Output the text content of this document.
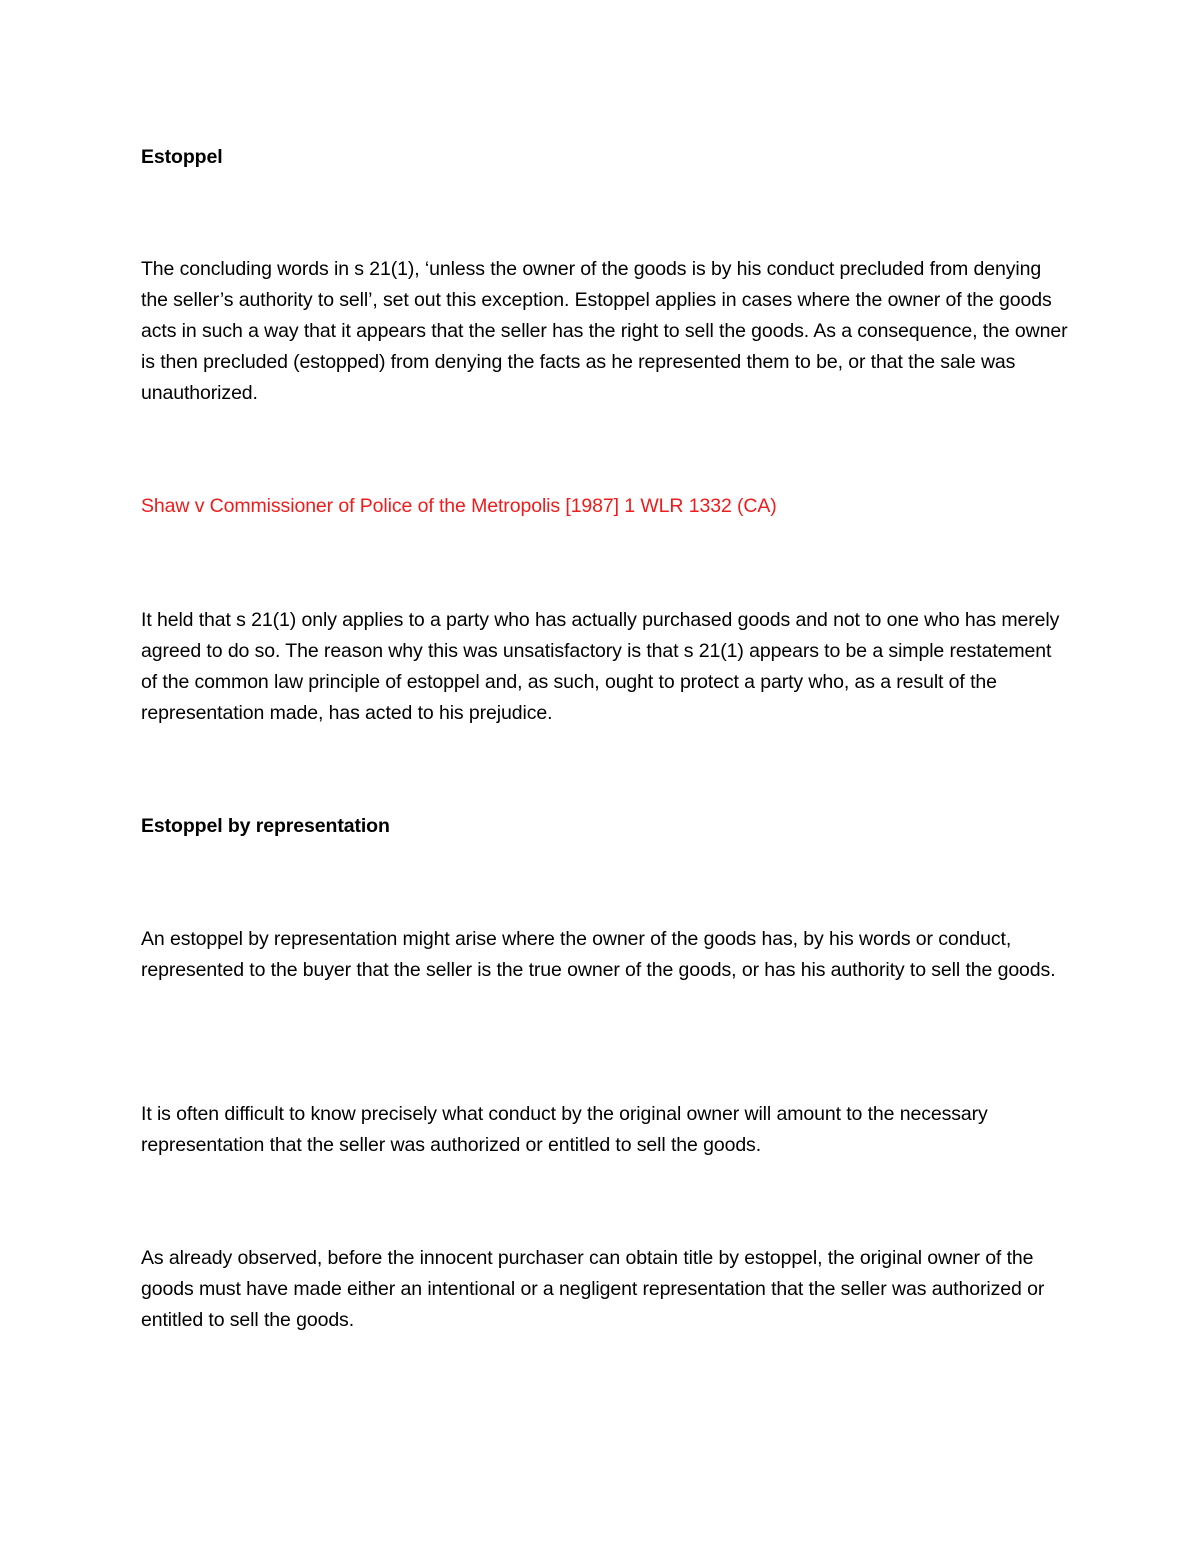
Estoppel

The concluding words in s 21(1), ‘unless the owner of the goods is by his conduct precluded from denying the seller’s authority to sell’, set out this exception. Estoppel applies in cases where the owner of the goods acts in such a way that it appears that the seller has the right to sell the goods. As a consequence, the owner is then precluded (estopped) from denying the facts as he represented them to be, or that the sale was unauthorized.

Shaw v Commissioner of Police of the Metropolis [1987] 1 WLR 1332 (CA)

It held that s 21(1) only applies to a party who has actually purchased goods and not to one who has merely agreed to do so. The reason why this was unsatisfactory is that s 21(1) appears to be a simple restatement of the common law principle of estoppel and, as such, ought to protect a party who, as a result of the representation made, has acted to his prejudice.

Estoppel by representation

An estoppel by representation might arise where the owner of the goods has, by his words or conduct, represented to the buyer that the seller is the true owner of the goods, or has his authority to sell the goods.

It is often difficult to know precisely what conduct by the original owner will amount to the necessary representation that the seller was authorized or entitled to sell the goods.

As already observed, before the innocent purchaser can obtain title by estoppel, the original owner of the goods must have made either an intentional or a negligent representation that the seller was authorized or entitled to sell the goods.
